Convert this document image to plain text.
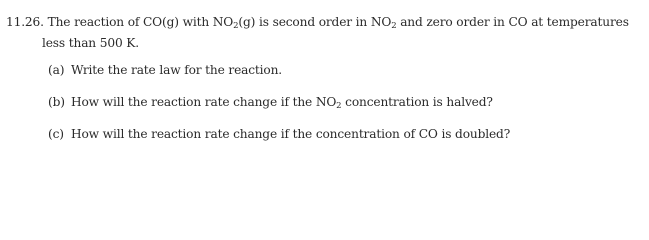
11.26. The reaction of CO(g) with $NO_2(g)$ is second order in $NO_2$ and zero order in CO at temperatures
less than 500 K.
(a) Write the rate law for the reaction.
(b) How will the reaction rate change if the $NO_2$ concentration is halved?
(c) How will the reaction rate change if the concentration of CO is doubled?
